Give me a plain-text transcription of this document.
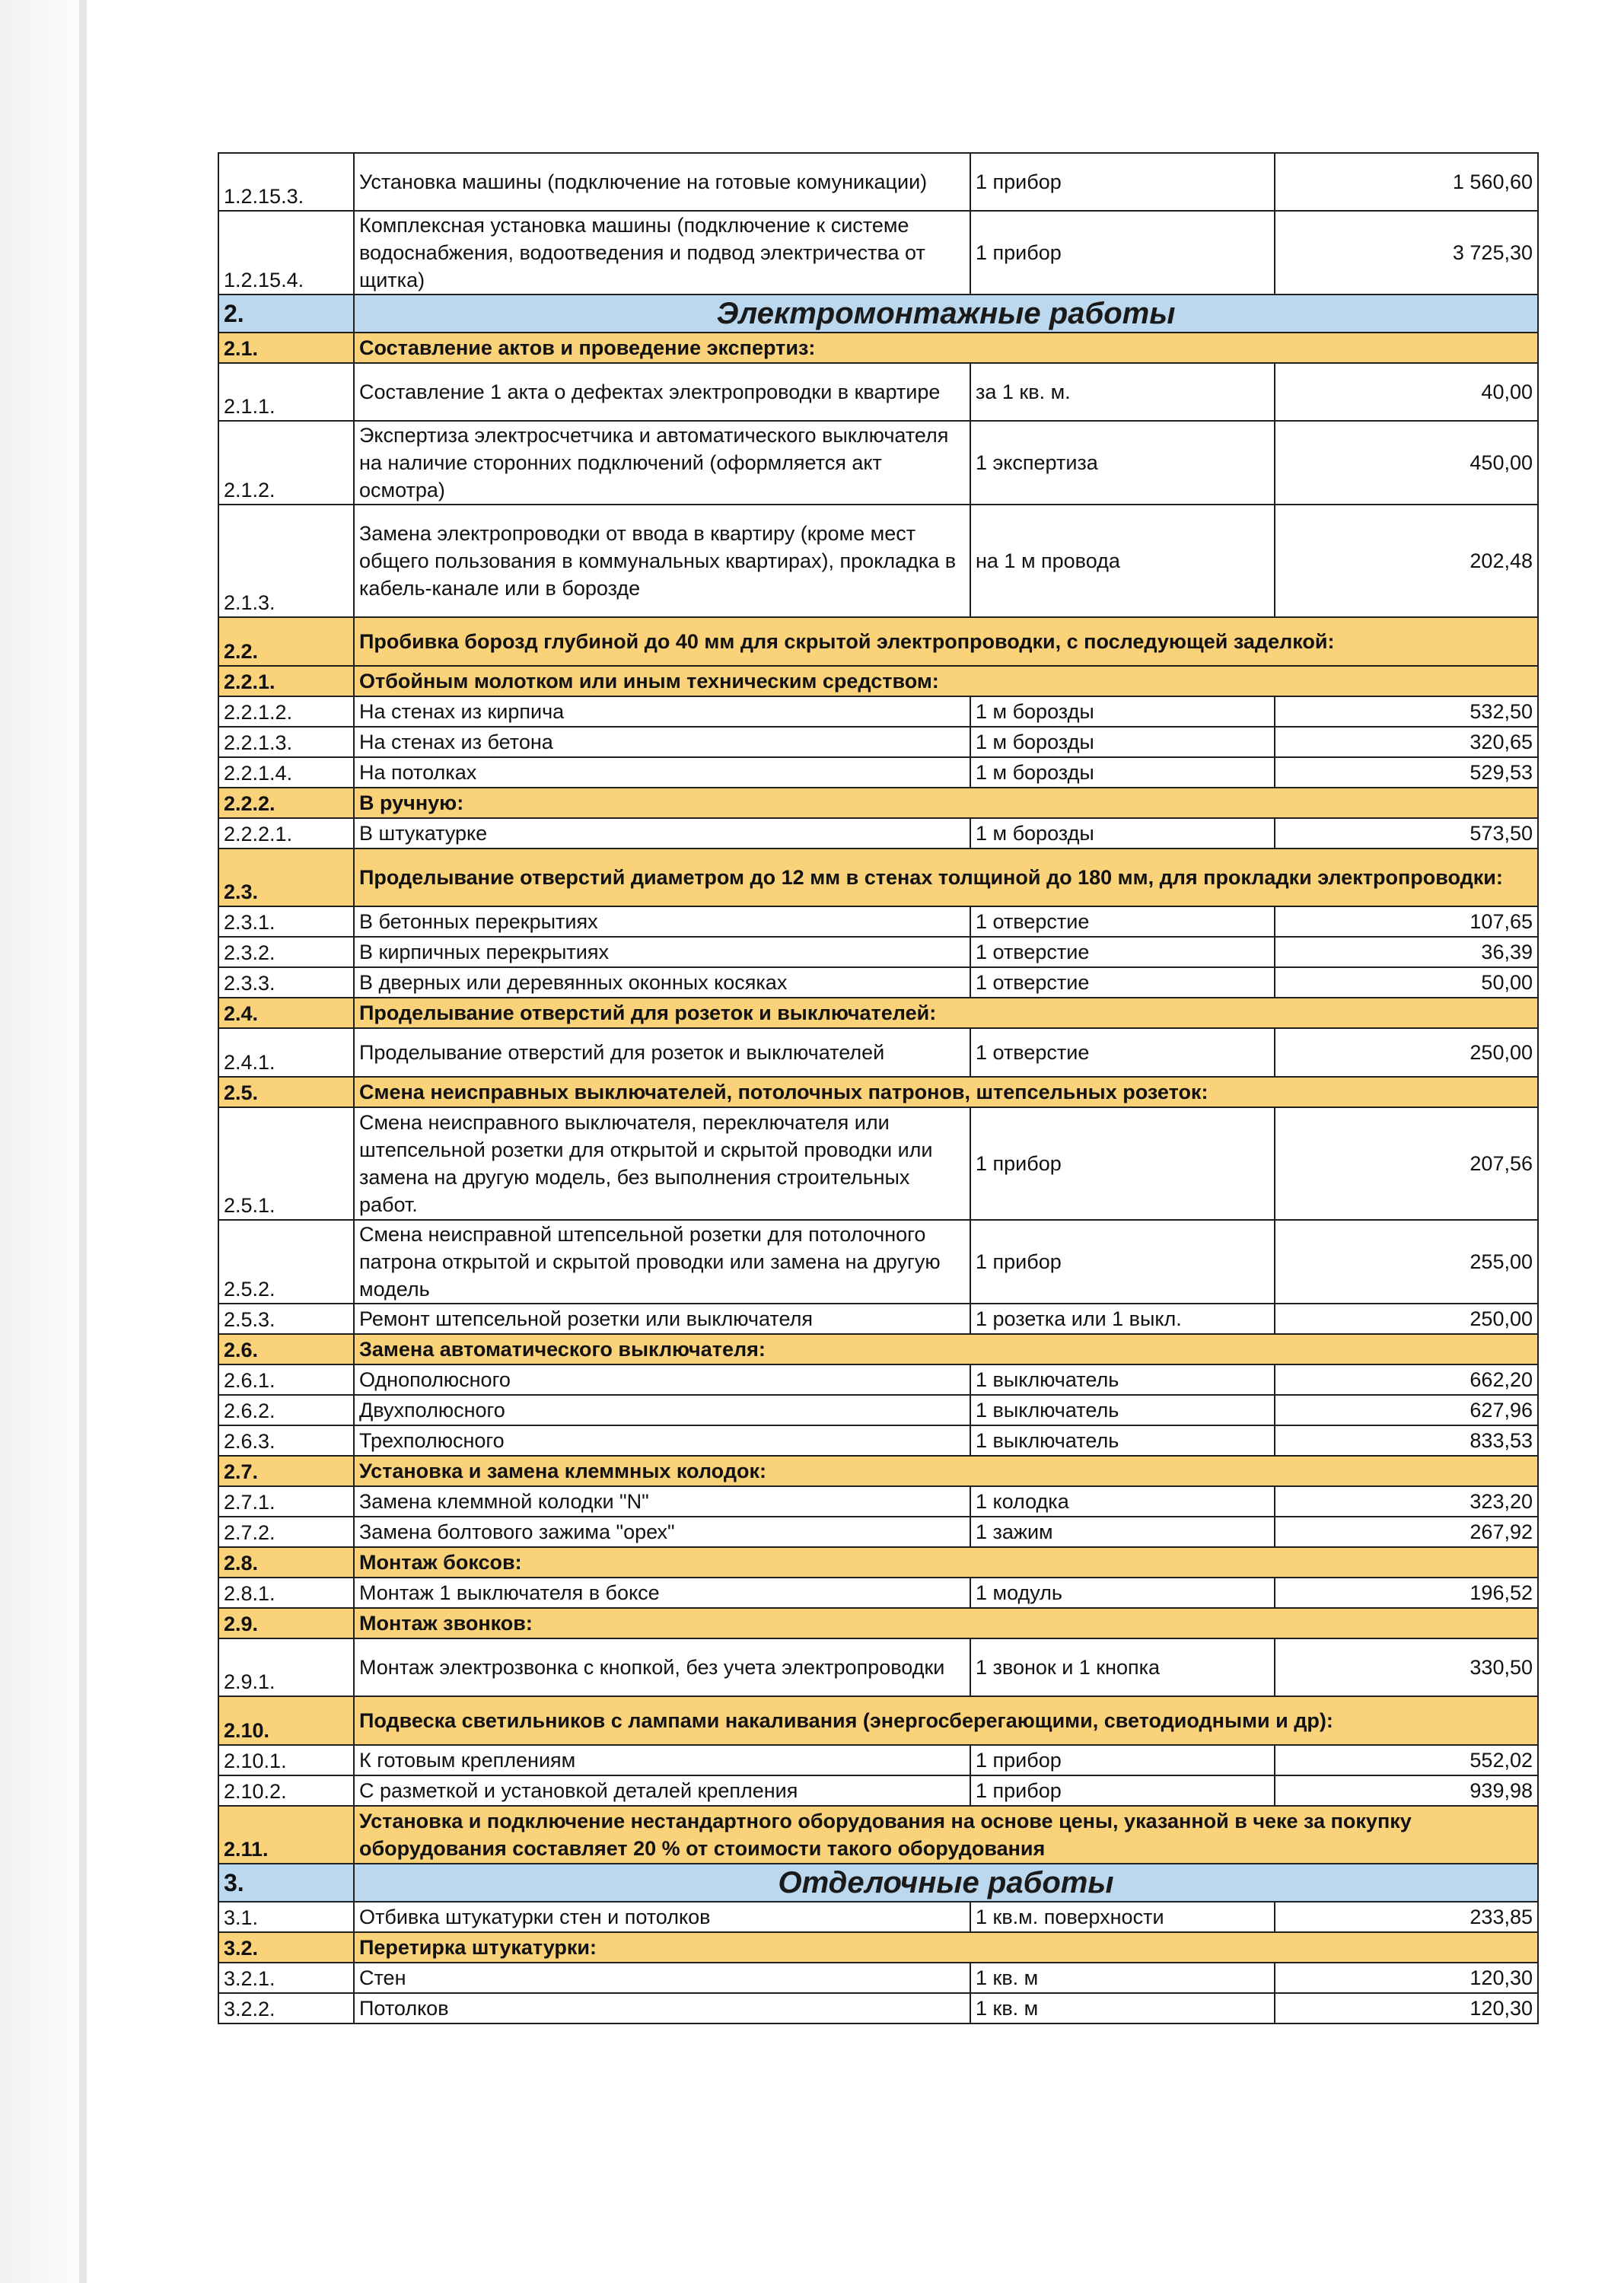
1.2.15.3.	Установка машины (подключение на готовые комуникации)	1 прибор	1 560,60
1.2.15.4.	Комплексная установка машины (подключение к системе водоснабжения, водоотведения и подвод электричества от щитка)	1 прибор	3 725,30
2.	Электромонтажные работы		
2.1.	Составление актов и проведение экспертиз:		
2.1.1.	Составление 1 акта о дефектах электропроводки в квартире	за 1 кв. м.	40,00
2.1.2.	Экспертиза электросчетчика и автоматического выключателя на наличие сторонних подключений (оформляется акт осмотра)	1 экспертиза	450,00
2.1.3.	Замена электропроводки от ввода в квартиру (кроме мест общего пользования в коммунальных квартирах), прокладка в кабель-канале или в борозде	на 1 м провода	202,48
2.2.	Пробивка борозд глубиной до 40 мм для скрытой электропроводки, с последующей заделкой:		
2.2.1.	Отбойным молотком или иным техническим средством:		
2.2.1.2.	На стенах из кирпича	1 м борозды	532,50
2.2.1.3.	На стенах из бетона	1 м борозды	320,65
2.2.1.4.	На потолках	1 м борозды	529,53
2.2.2.	В ручную:		
2.2.2.1.	В штукатурке	1 м борозды	573,50
2.3.	Проделывание отверстий диаметром до 12 мм в стенах толщиной до 180 мм, для прокладки электропроводки:		
2.3.1.	В бетонных перекрытиях	1 отверстие	107,65
2.3.2.	В кирпичных перекрытиях	1 отверстие	36,39
2.3.3.	В дверных или деревянных оконных косяках	1 отверстие	50,00
2.4.	Проделывание отверстий для розеток и выключателей:		
2.4.1.	Проделывание отверстий для розеток и выключателей	1 отверстие	250,00
2.5.	Смена неисправных выключателей, потолочных патронов, штепсельных розеток:		
2.5.1.	Смена неисправного выключателя, переключателя или штепсельной розетки для открытой и скрытой проводки или замена на другую модель, без выполнения строительных работ.	1 прибор	207,56
2.5.2.	Смена неисправной штепсельной розетки для потолочного патрона открытой и скрытой проводки или замена на другую модель	1 прибор	255,00
2.5.3.	Ремонт штепсельной розетки или выключателя	1 розетка или 1 выкл.	250,00
2.6.	Замена автоматического выключателя:		
2.6.1.	Однополюсного	1 выключатель	662,20
2.6.2.	Двухполюсного	1 выключатель	627,96
2.6.3.	Трехполюсного	1 выключатель	833,53
2.7.	Установка и замена клеммных колодок:		
2.7.1.	Замена клеммной колодки "N"	1 колодка	323,20
2.7.2.	Замена болтового зажима "орех"	1 зажим	267,92
2.8.	Монтаж боксов:		
2.8.1.	Монтаж 1 выключателя в боксе	1 модуль	196,52
2.9.	Монтаж звонков:		
2.9.1.	Монтаж электрозвонка с кнопкой, без учета электропроводки	1 звонок и 1 кнопка	330,50
2.10.	Подвеска светильников с лампами накаливания (энергосберегающими, светодиодными и др):		
2.10.1.	К готовым креплениям	1 прибор	552,02
2.10.2.	С разметкой и установкой деталей крепления	1 прибор	939,98
2.11.	Установка и подключение нестандартного оборудования на основе цены, указанной в чеке за покупку оборудования составляет 20 % от стоимости такого оборудования		
3.	Отделочные работы		
3.1.	Отбивка штукатурки стен и потолков	1 кв.м. поверхности	233,85
3.2.	Перетирка штукатурки:		
3.2.1.	Стен	1 кв. м	120,30
3.2.2.	Потолков	1 кв. м	120,30
